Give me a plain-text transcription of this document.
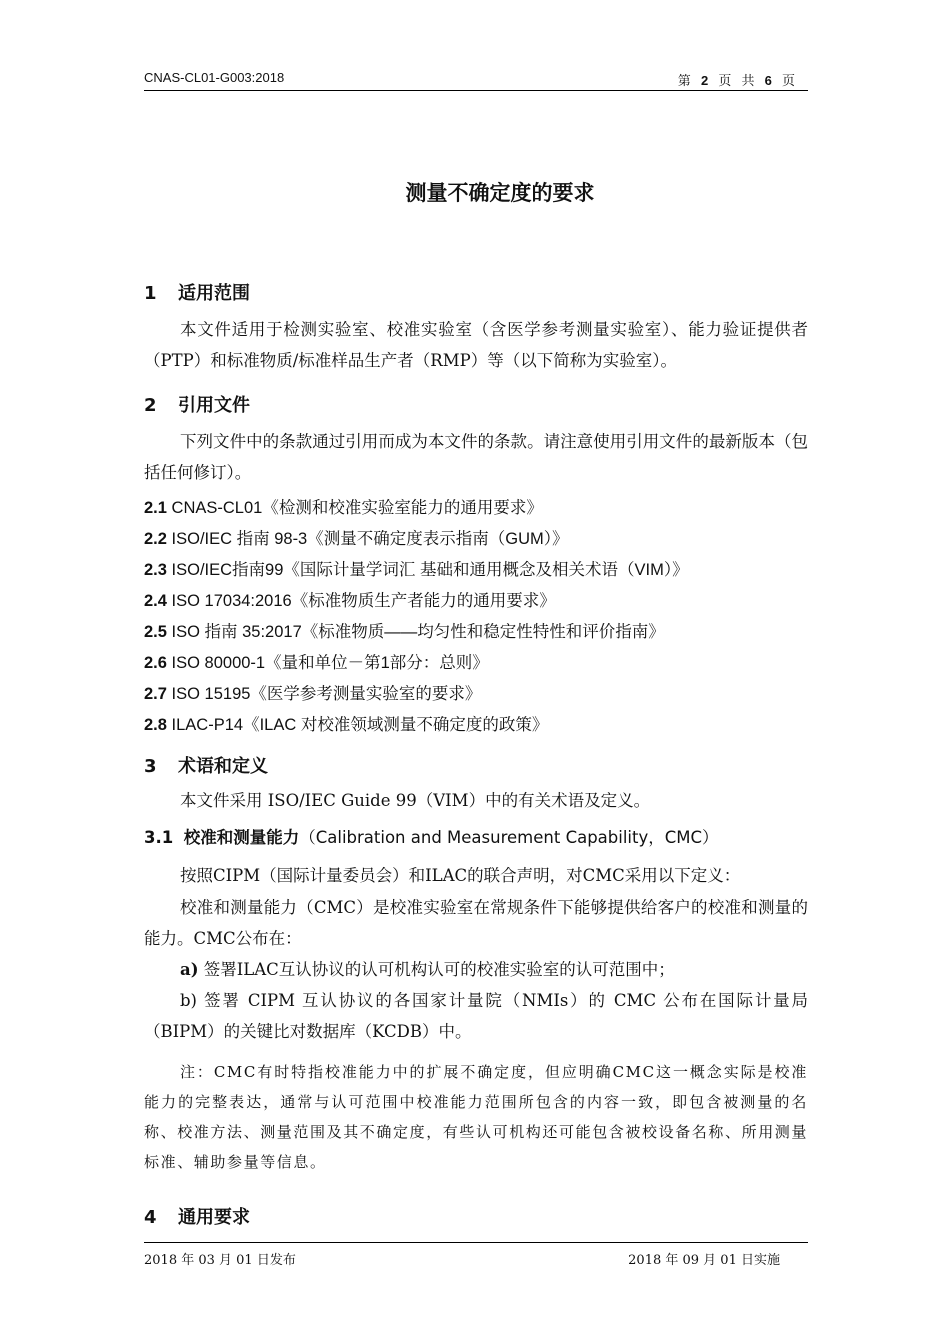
CNAS-CL01-G003:2018	第 2 页 共 6 页
测量不确定度的要求
1 适用范围
本文件适用于检测实验室、校准实验室（含医学参考测量实验室）、能力验证提供者（PTP）和标准物质/标准样品生产者（RMP）等（以下简称为实验室）。
2 引用文件
下列文件中的条款通过引用而成为本文件的条款。请注意使用引用文件的最新版本（包括任何修订）。
2.1 CNAS-CL01《检测和校准实验室能力的通用要求》
2.2 ISO/IEC 指南 98-3《测量不确定度表示指南（GUM）》
2.3 ISO/IEC指南99《国际计量学词汇 基础和通用概念及相关术语（VIM）》
2.4 ISO 17034:2016《标准物质生产者能力的通用要求》
2.5 ISO 指南 35:2017《标准物质——均匀性和稳定性特性和评价指南》
2.6 ISO 80000-1《量和单位－第1部分：总则》
2.7 ISO 15195《医学参考测量实验室的要求》
2.8 ILAC-P14《ILAC 对校准领域测量不确定度的政策》
3 术语和定义
本文件采用 ISO/IEC Guide 99（VIM）中的有关术语及定义。
3.1 校准和测量能力（Calibration and Measurement Capability，CMC）
按照CIPM（国际计量委员会）和ILAC的联合声明，对CMC采用以下定义：
校准和测量能力（CMC）是校准实验室在常规条件下能够提供给客户的校准和测量的能力。CMC公布在：
a) 签署ILAC互认协议的认可机构认可的校准实验室的认可范围中；
b) 签署 CIPM 互认协议的各国家计量院（NMIs）的 CMC 公布在国际计量局（BIPM）的关键比对数据库（KCDB）中。
注：CMC有时特指校准能力中的扩展不确定度，但应明确CMC这一概念实际是校准能力的完整表达，通常与认可范围中校准能力范围所包含的内容一致，即包含被测量的名称、校准方法、测量范围及其不确定度，有些认可机构还可能包含被校设备名称、所用测量标准、辅助参量等信息。
4 通用要求
2018 年 03 月 01 日发布	2018 年 09 月 01 日实施
